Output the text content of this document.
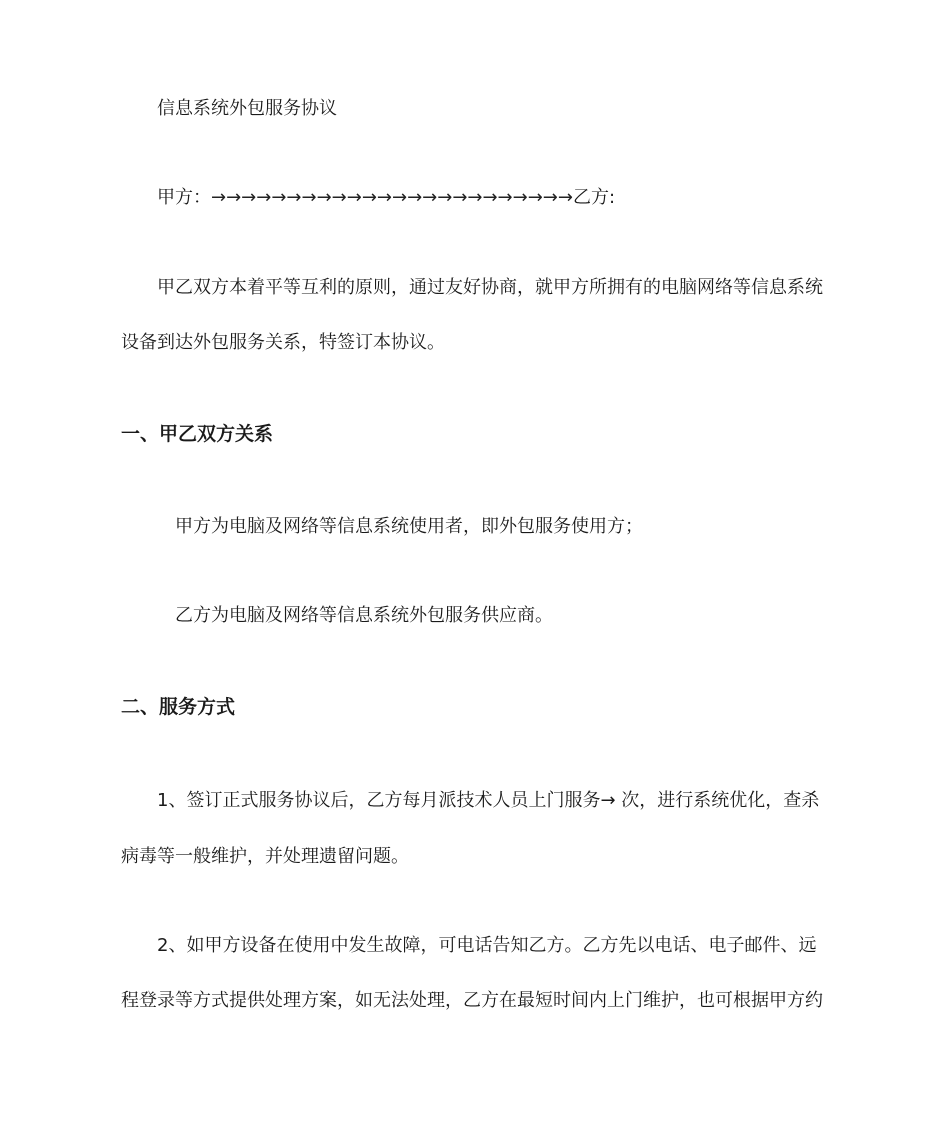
信息系统外包服务协议
甲方：→→→→→→→→→→→→→→→→→→→→→→→→乙方:
甲乙双方本着平等互利的原则，通过友好协商，就甲方所拥有的电脑网络等信息系统
设备到达外包服务关系，特签订本协议。
一、甲乙双方关系
甲方为电脑及网络等信息系统使用者，即外包服务使用方；
乙方为电脑及网络等信息系统外包服务供应商。
二、服务方式
1、签订正式服务协议后，乙方每月派技术人员上门服务→ 次，进行系统优化，查杀
病毒等一般维护，并处理遗留问题。
2、如甲方设备在使用中发生故障，可电话告知乙方。乙方先以电话、电子邮件、远
程登录等方式提供处理方案，如无法处理，乙方在最短时间内上门维护，也可根据甲方约
